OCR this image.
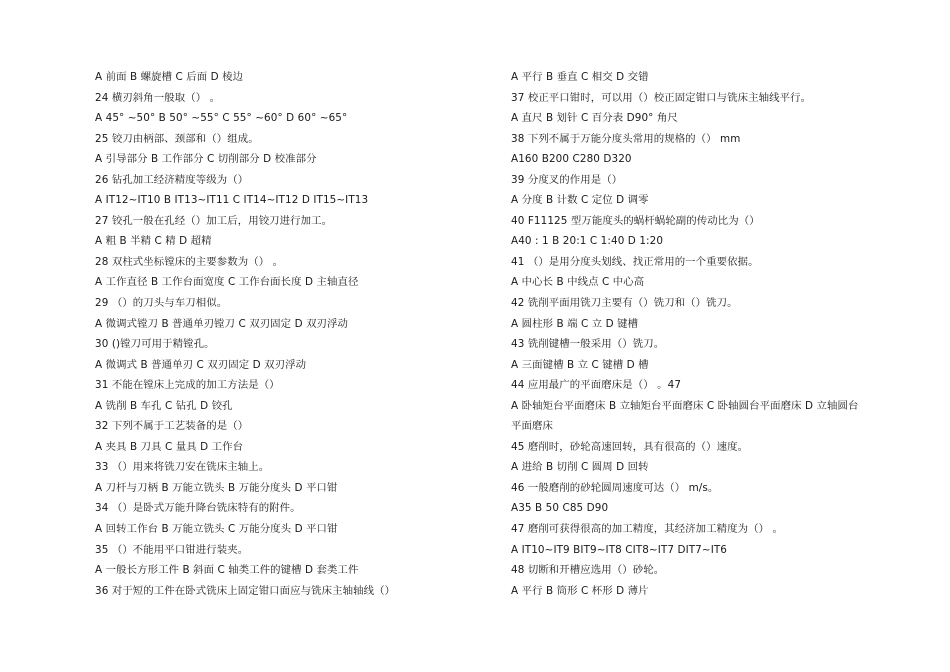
A 前面 B 螺旋槽 C 后面 D 棱边
24 横刃斜角一般取（） 。
A 45° ~50° B 50° ~55° C 55° ~60° D 60° ~65°
25 铰刀由柄部、颈部和（）组成。
A 引导部分 B 工作部分 C 切削部分 D 校准部分
26 钻孔加工经济精度等级为（）
A IT12~IT10 B IT13~IT11 C IT14~IT12 D IT15~IT13
27 铰孔一般在孔经（）加工后，用铰刀进行加工。
A 粗 B 半精 C 精 D 超精
28 双柱式坐标镗床的主要参数为（） 。
A 工作直径 B 工作台面宽度 C 工作台面长度 D 主轴直径
29 （）的刀头与车刀相似。
A 微调式镗刀 B 普通单刃镗刀 C 双刃固定 D 双刃浮动
30 ()镗刀可用于精镗孔。
A 微调式 B 普通单刃 C 双刃固定 D 双刃浮动
31 不能在镗床上完成的加工方法是（）
A 铣削 B 车孔 C 钻孔 D 铰孔
32 下列不属于工艺装备的是（）
A 夹具 B 刀具 C 量具 D 工作台
33 （）用来将铣刀安在铣床主轴上。
A 刀杆与刀柄 B 万能立铣头 B 万能分度头 D 平口钳
34 （）是卧式万能升降台铣床特有的附件。
A 回转工作台 B 万能立铣头 C 万能分度头 D 平口钳
35 （）不能用平口钳进行装夹。
A 一般长方形工件 B 斜面 C 轴类工件的键槽 D 套类工件
36 对于短的工件在卧式铣床上固定钳口面应与铣床主轴轴线（）
A 平行 B 垂直 C 相交 D 交错
37 校正平口钳时，可以用（）校正固定钳口与铣床主轴线平行。
A 直尺 B 划针 C 百分表 D90° 角尺
38 下列不属于万能分度头常用的规格的（） mm
A160 B200 C280 D320
39 分度叉的作用是（）
A 分度 B 计数 C 定位 D 调零
40 F11125 型万能度头的蜗杆蜗轮副的传动比为（）
A40 : 1 B 20:1 C 1:40 D 1:20
41 （）是用分度头划线、找正常用的一个重要依据。
A 中心长 B 中线点 C 中心高
42 铣削平面用铣刀主要有（）铣刀和（）铣刀。
A 圆柱形 B 端 C 立 D 键槽
43 铣削键槽一般采用（）铣刀。
A 三面键槽 B 立 C 键槽 D 槽
44 应用最广的平面磨床是（） 。47
A 卧轴矩台平面磨床 B 立轴矩台平面磨床 C 卧轴圆台平面磨床 D 立轴圆台
平面磨床
45 磨削时，砂轮高速回转，具有很高的（）速度。
A 进给 B 切削 C 圆周 D 回转
46 一般磨削的砂轮圆周速度可达（） m/s。
A35 B 50 C85 D90
47 磨削可获得很高的加工精度，其经济加工精度为（） 。
A IT10~IT9 BIT9~IT8 CIT8~IT7 DIT7~IT6
48 切断和开槽应选用（）砂轮。
A 平行 B 筒形 C 杯形 D 薄片
